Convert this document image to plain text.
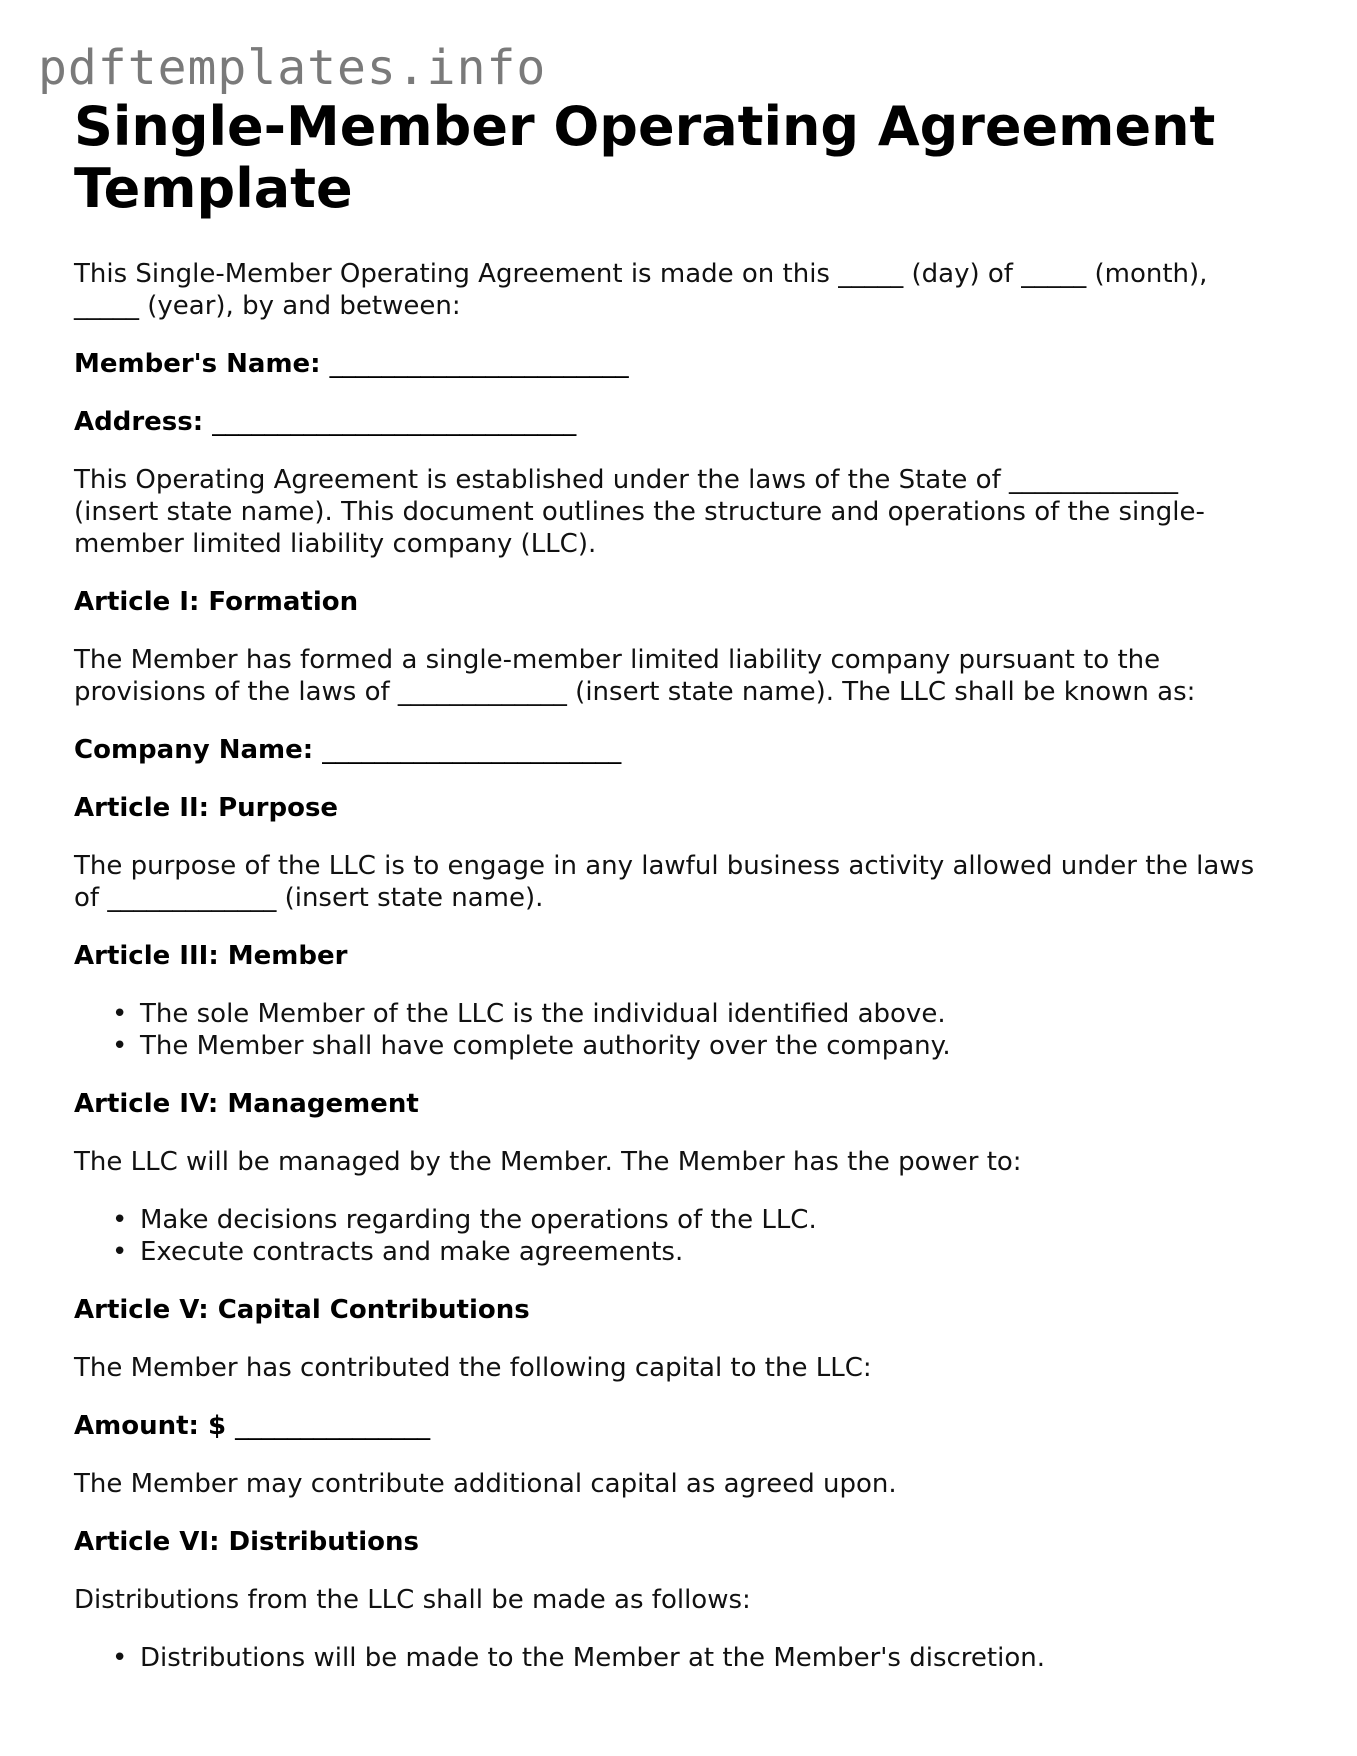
pdftemplates.info
Single-Member Operating Agreement
Template

This Single-Member Operating Agreement is made on this _____ (day) of _____ (month),
_____ (year), by and between:

Member's Name: _______________________
Address: ____________________________

This Operating Agreement is established under the laws of the State of _____________
(insert state name). This document outlines the structure and operations of the single-
member limited liability company (LLC).

Article I: Formation

The Member has formed a single-member limited liability company pursuant to the
provisions of the laws of _____________ (insert state name). The LLC shall be known as:

Company Name: _______________________
Article II: Purpose

The purpose of the LLC is to engage in any lawful business activity allowed under the laws
of _____________ (insert state name).

Article III: Member
• The sole Member of the LLC is the individual identified above.
• The Member shall have complete authority over the company.
Article IV: Management

The LLC will be managed by the Member. The Member has the power to:

• Make decisions regarding the operations of the LLC.
• Execute contracts and make agreements.
Article V: Capital Contributions

The Member has contributed the following capital to the LLC:

Amount: $ _______________

The Member may contribute additional capital as agreed upon.

Article VI: Distributions

Distributions from the LLC shall be made as follows:

• Distributions will be made to the Member at the Member's discretion.
